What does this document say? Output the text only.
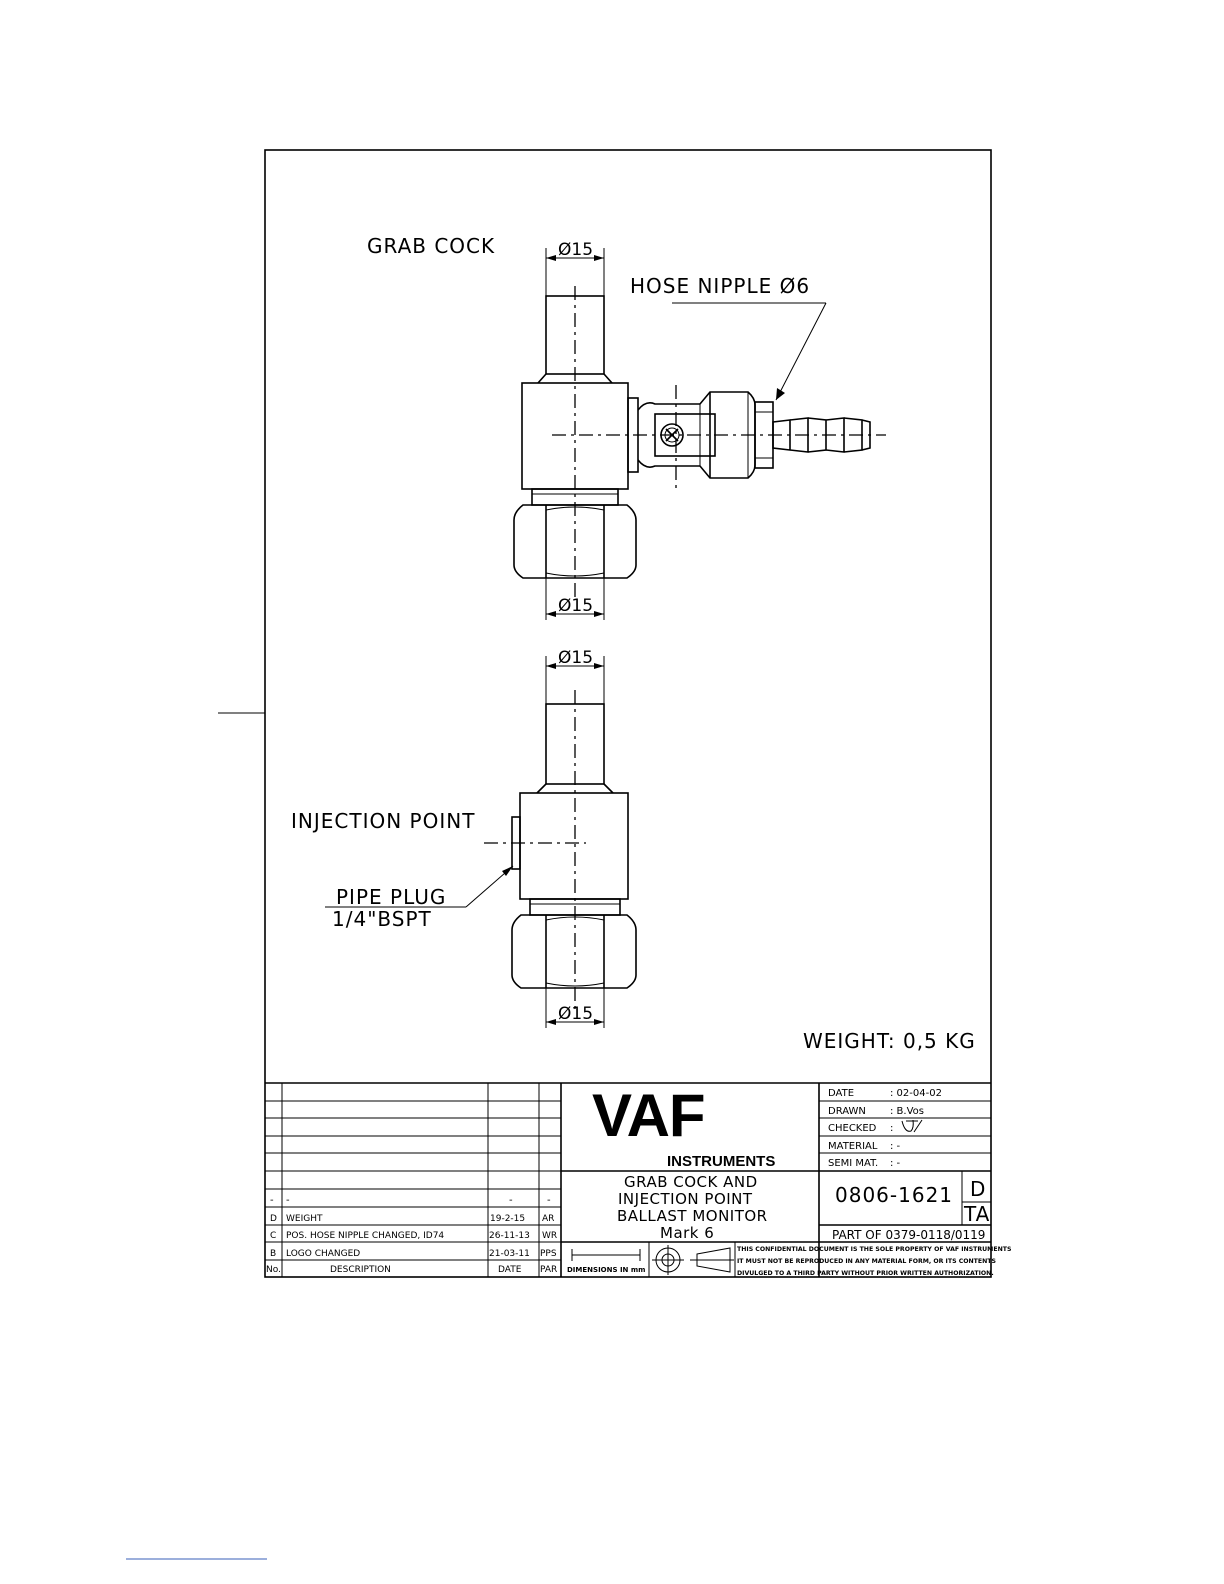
GRAB COCK	Ø15
Ø15
HOSE NIPPLE Ø6
Ø15
Ø15
INJECTION POINT
PIPE PLUG
1/4"BSPT
WEIGHT: 0,5 KG
- -	-	-
D WEIGHT	19-2-15 AR
C POS. HOSE NIPPLE CHANGED, ID74	26-11-13 WR
B LOGO CHANGED	21-03-11 PPS
No.	DESCRIPTION	DATE PAR
VAF
INSTRUMENTS
GRAB COCK AND
INJECTION POINT
BALLAST MONITOR
Mark 6
DATE	: 02-04-02
DRAWN : B.Vos
CHECKED :
MATERIAL : -
SEMI MAT. : -
0806-1621 D
TA
PART OF 0379-0118/0119
DIMENSIONS IN mm
THIS CONFIDENTIAL DOCUMENT IS THE SOLE PROPERTY OF VAF INSTRUMENTS
IT MUST NOT BE REPRODUCED IN ANY MATERIAL FORM, OR ITS CONTENTS
DIVULGED TO A THIRD PARTY WITHOUT PRIOR WRITTEN AUTHORIZATION.
